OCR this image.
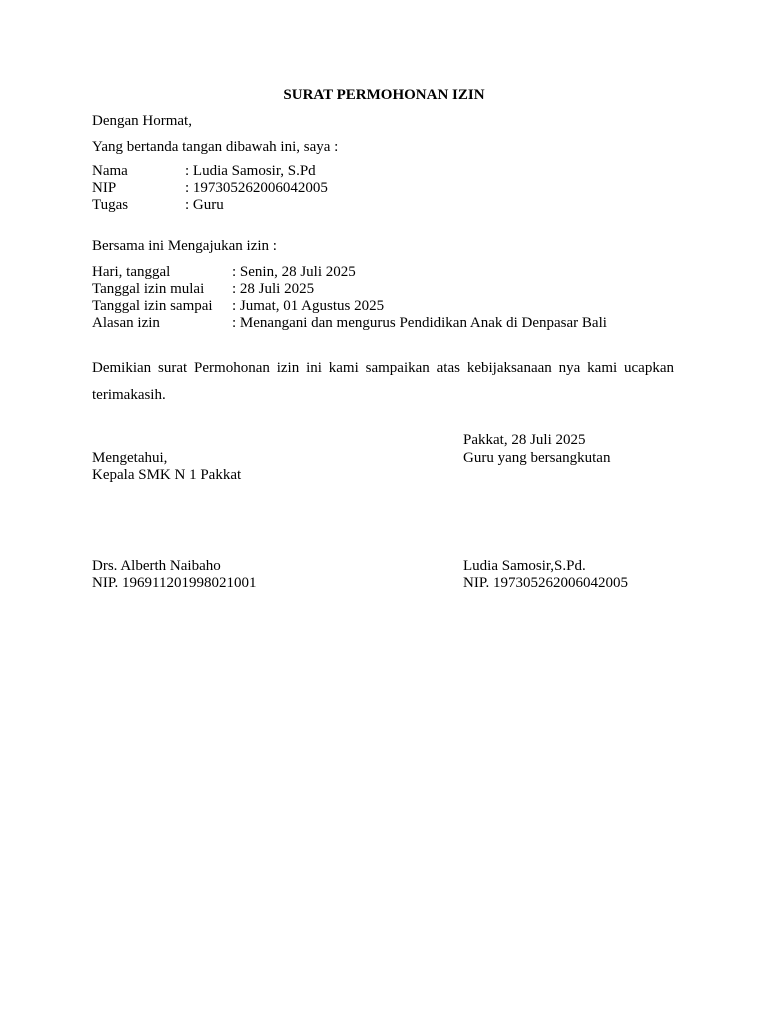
SURAT PERMOHONAN IZIN
Dengan Hormat,
Yang bertanda tangan dibawah ini, saya :
Nama	: Ludia Samosir, S.Pd
NIP	: 197305262006042005
Tugas	: Guru
Bersama ini Mengajukan izin :
Hari, tanggal	: Senin, 28 Juli 2025
Tanggal izin mulai : 28 Juli 2025
Tanggal izin sampai : Jumat, 01 Agustus 2025
Alasan izin	: Menangani dan mengurus Pendidikan Anak di Denpasar Bali
Demikian surat Permohonan izin ini kami sampaikan atas kebijaksanaan nya kami ucapkan terimakasih.
Pakkat, 28 Juli 2025
Mengetahui,
Kepala SMK N 1 Pakkat
Guru yang bersangkutan
Drs. Alberth Naibaho
NIP. 196911201998021001
Ludia Samosir,S.Pd.
NIP. 197305262006042005
